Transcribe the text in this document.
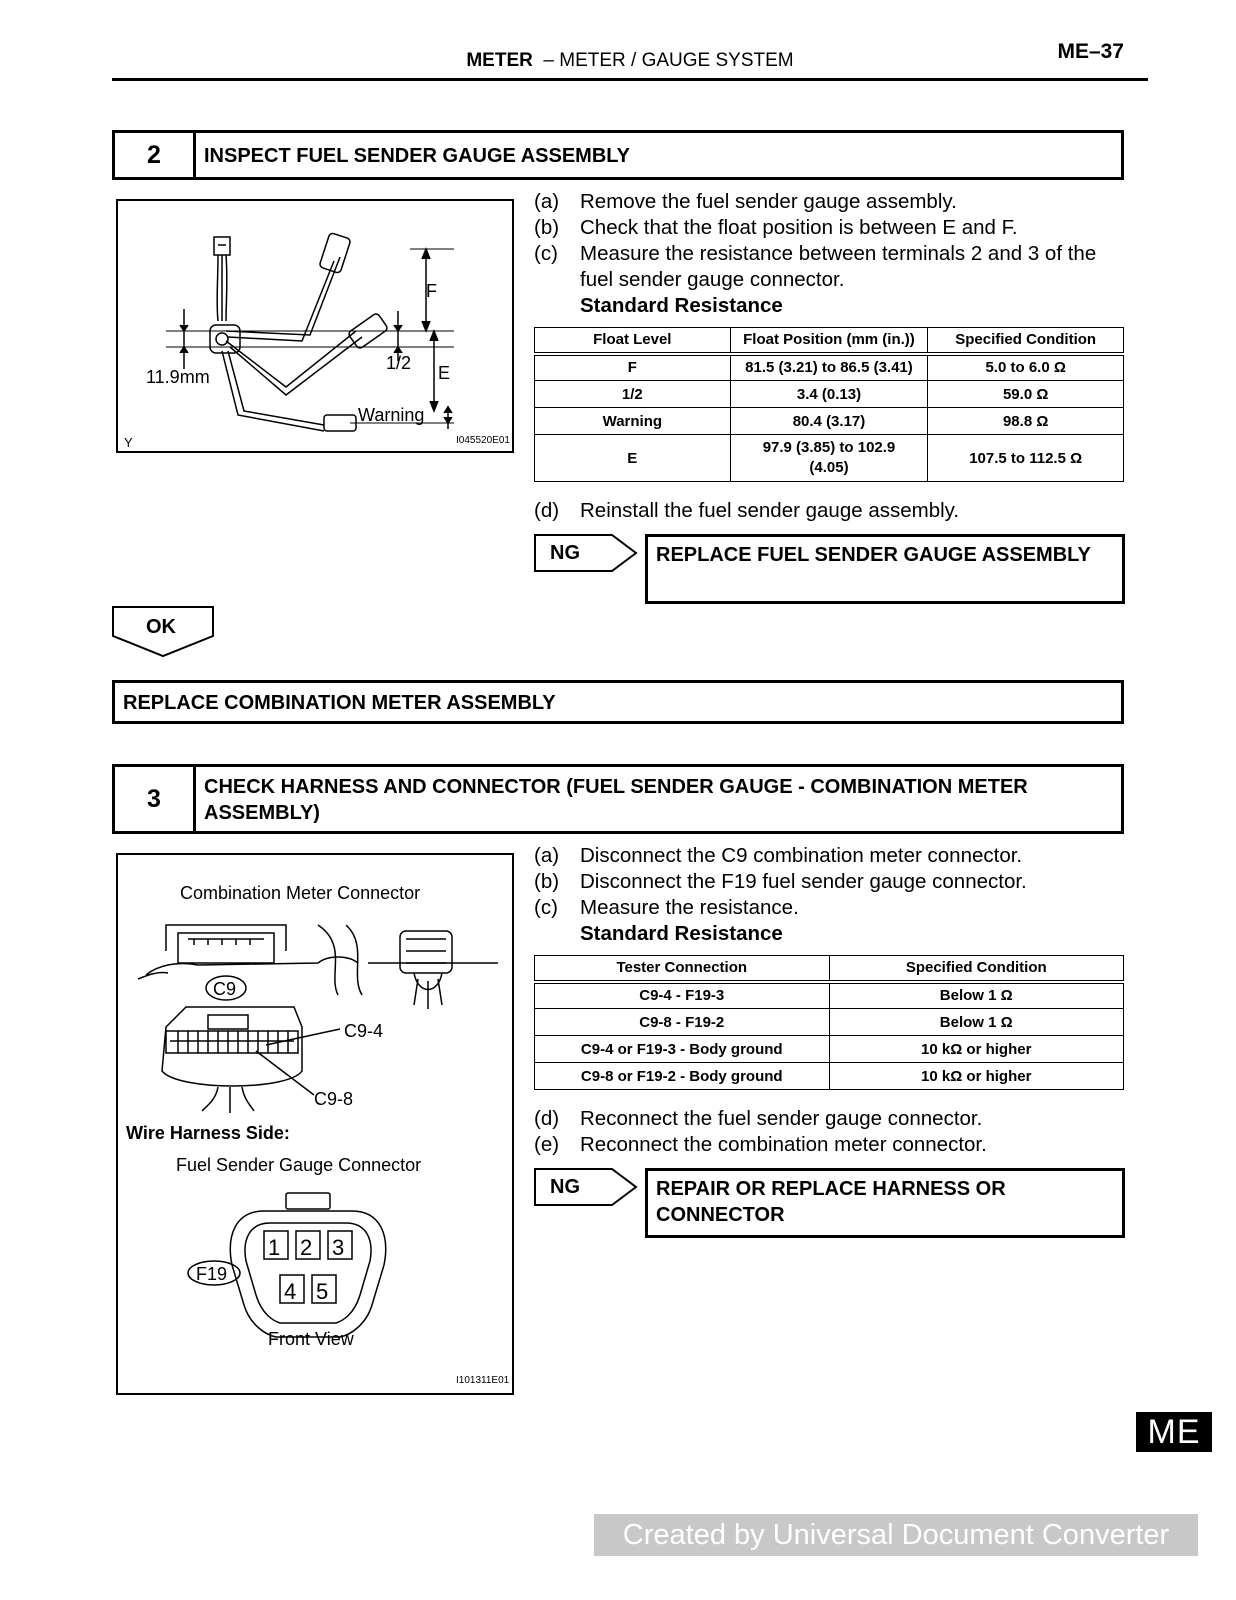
METER – METER / GAUGE SYSTEM	ME–37
2	INSPECT FUEL SENDER GAUGE ASSEMBLY
F
1/2 E
Warning
11.9mm
Y	I045520E01
(a)	Remove the fuel sender gauge assembly.
(b)	Check that the float position is between E and F.
(c)	Measure the resistance between terminals 2 and 3 of the fuel sender gauge connector.
Standard Resistance
Float Level	Float Position (mm (in.))	Specified Condition
F	81.5 (3.21) to 86.5 (3.41)	5.0 to 6.0 Ω
1/2	3.4 (0.13)	59.0 Ω
Warning	80.4 (3.17)	98.8 Ω
E	97.9 (3.85) to 102.9 (4.05)	107.5 to 112.5 Ω
(d)	Reinstall the fuel sender gauge assembly.
NG	REPLACE FUEL SENDER GAUGE ASSEMBLY
OK
REPLACE COMBINATION METER ASSEMBLY
3	CHECK HARNESS AND CONNECTOR (FUEL SENDER GAUGE - COMBINATION METER ASSEMBLY)
Combination Meter Connector
C9
C9-4
C9-8
Wire Harness Side:
Fuel Sender Gauge Connector
F19
1 2 3
4 5
Front View
I101311E01
(a)	Disconnect the C9 combination meter connector.
(b)	Disconnect the F19 fuel sender gauge connector.
(c)	Measure the resistance.
Standard Resistance
Tester Connection	Specified Condition
C9-4 - F19-3	Below 1 Ω
C9-8 - F19-2	Below 1 Ω
C9-4 or F19-3 - Body ground	10 kΩ or higher
C9-8 or F19-2 - Body ground	10 kΩ or higher
(d)	Reconnect the fuel sender gauge connector.
(e)	Reconnect the combination meter connector.
NG	REPAIR OR REPLACE HARNESS OR CONNECTOR
ME
Created by Universal Document Converter
